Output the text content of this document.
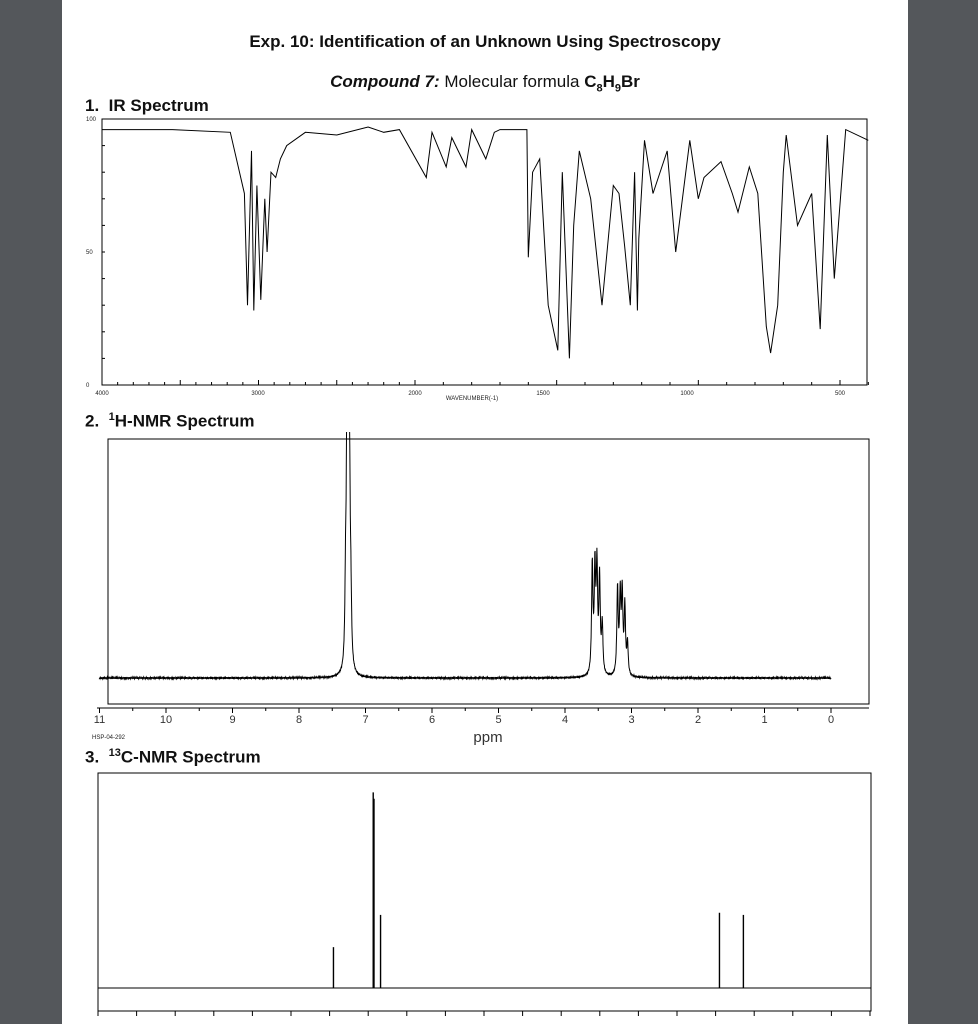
Exp. 10: Identification of an Unknown Using Spectroscopy
Compound 7: Molecular formula $C_8H_9Br$
1. IR Spectrum
4000	3000	2000	1500	1000	500
0
50
100
WAVENUMBER(-1)
2. $^1$H-NMR Spectrum
11	10	9	8	7	6	5	4	3	2	1	0
ppm
HSP-04-292
3. $^{13}$C-NMR Spectrum
